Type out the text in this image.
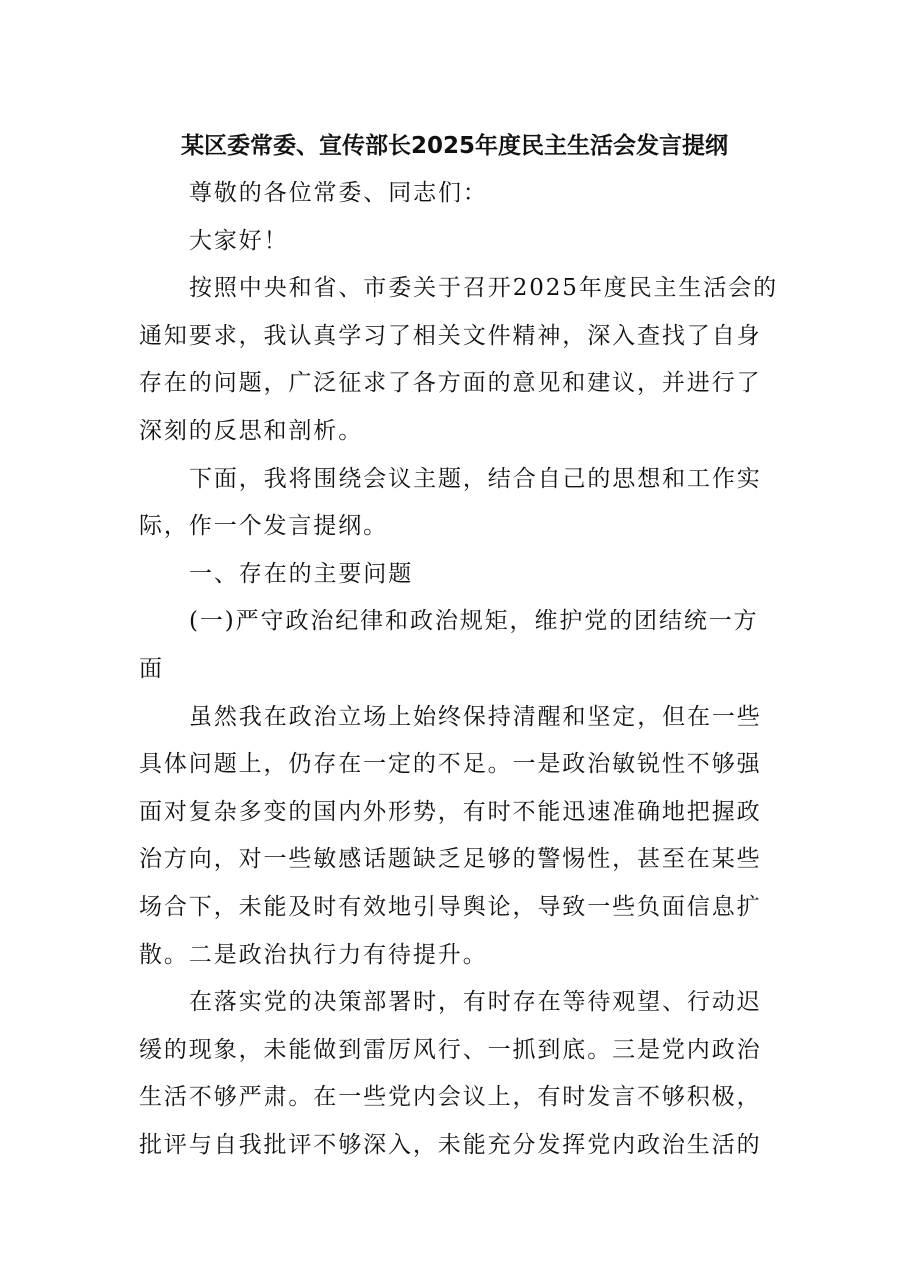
某区委常委、宣传部长2025年度民主生活会发言提纲
尊敬的各位常委、同志们：
大家好！
按照中央和省、市委关于召开2025年度民主生活会的
通知要求，我认真学习了相关文件精神，深入查找了自身
存在的问题，广泛征求了各方面的意见和建议，并进行了
深刻的反思和剖析。
下面，我将围绕会议主题，结合自己的思想和工作实
际，作一个发言提纲。
一、存在的主要问题
(一)严守政治纪律和政治规矩，维护党的团结统一方
面
虽然我在政治立场上始终保持清醒和坚定，但在一些
具体问题上，仍存在一定的不足。一是政治敏锐性不够强
面对复杂多变的国内外形势，有时不能迅速准确地把握政
治方向，对一些敏感话题缺乏足够的警惕性，甚至在某些
场合下，未能及时有效地引导舆论，导致一些负面信息扩
散。二是政治执行力有待提升。
在落实党的决策部署时，有时存在等待观望、行动迟
缓的现象，未能做到雷厉风行、一抓到底。三是党内政治
生活不够严肃。在一些党内会议上，有时发言不够积极，
批评与自我批评不够深入，未能充分发挥党内政治生活的
